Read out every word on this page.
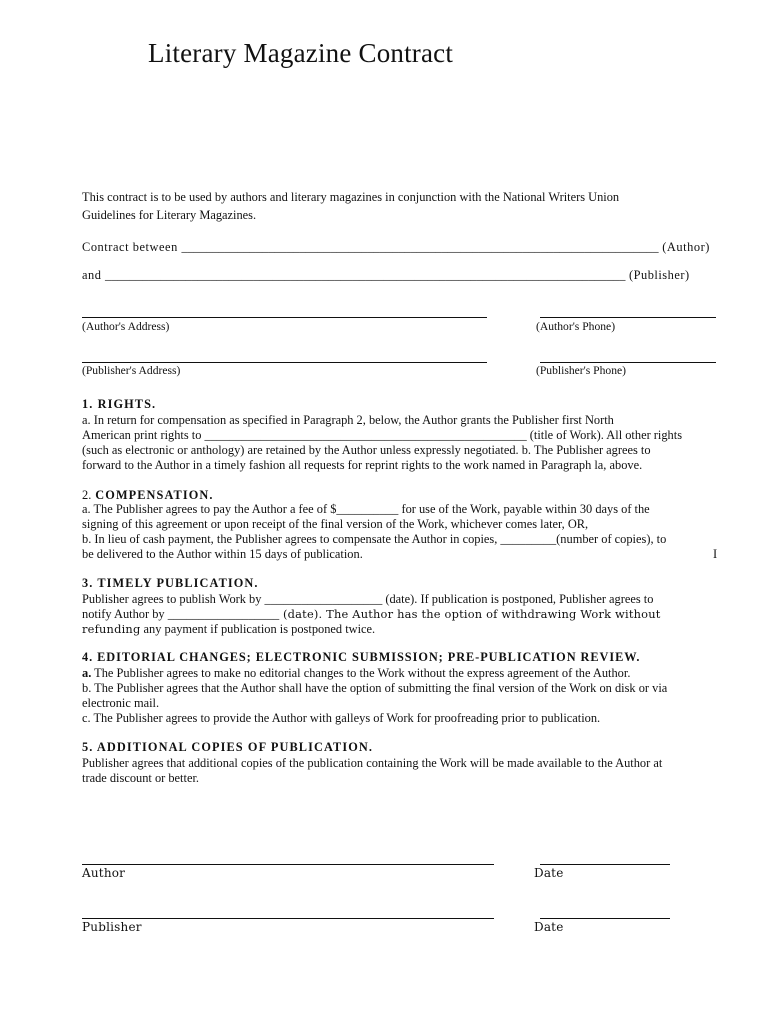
Literary Magazine Contract
This contract is to be used by authors and literary magazines in conjunction with the National Writers Union
Guidelines for Literary Magazines.
Contract between _____________________________________________________________________________ (Author)
and ____________________________________________________________________________________ (Publisher)
(Author's Address)	(Author's Phone)
(Publisher's Address)	(Publisher's Phone)
1. RIGHTS.
a. In return for compensation as specified in Paragraph 2, below, the Author grants the Publisher first North
American print rights to ____________________________________________________ (title of Work). All other rights
(such as electronic or anthology) are retained by the Author unless expressly negotiated. b. The Publisher agrees to
forward to the Author in a timely fashion all requests for reprint rights to the work named in Paragraph la, above.
2. COMPENSATION.
a. The Publisher agrees to pay the Author a fee of $__________ for use of the Work, payable within 30 days of the
signing of this agreement or upon receipt of the final version of the Work, whichever comes later, OR,
b. In lieu of cash payment, the Publisher agrees to compensate the Author in copies, _________(number of copies), to
be delivered to the Author within 15 days of publication.	I
3. TIMELY PUBLICATION.
Publisher agrees to publish Work by ___________________ (date). If publication is postponed, Publisher agrees to
notify Author by __________________ (date). The Author has the option of withdrawing Work without
refunding any payment if publication is postponed twice.
4. EDITORIAL CHANGES; ELECTRONIC SUBMISSION; PRE-PUBLICATION REVIEW.
a. The Publisher agrees to make no editorial changes to the Work without the express agreement of the Author.
b. The Publisher agrees that the Author shall have the option of submitting the final version of the Work on disk or via
electronic mail.
c. The Publisher agrees to provide the Author with galleys of Work for proofreading prior to publication.
5. ADDITIONAL COPIES OF PUBLICATION.
Publisher agrees that additional copies of the publication containing the Work will be made available to the Author at
trade discount or better.
Author	Date
Publisher	Date
